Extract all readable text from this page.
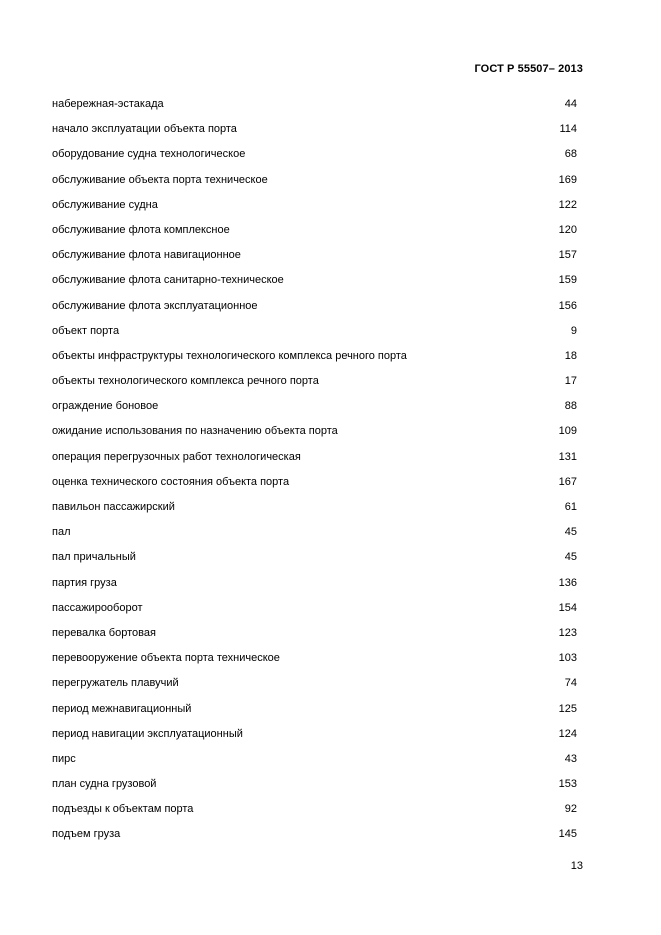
ГОСТ Р 55507– 2013
набережная-эстакада	44
начало эксплуатации объекта порта	114
оборудование судна технологическое	68
обслуживание объекта порта техническое	169
обслуживание судна	122
обслуживание флота комплексное	120
обслуживание флота навигационное	157
обслуживание флота санитарно-техническое	159
обслуживание флота эксплуатационное	156
объект порта	9
объекты инфраструктуры технологического комплекса речного порта	18
объекты технологического комплекса речного порта	17
ограждение боновое	88
ожидание использования по назначению объекта порта	109
операция перегрузочных работ технологическая	131
оценка технического состояния объекта порта	167
павильон пассажирский	61
пал	45
пал причальный	45
партия груза	136
пассажирооборот	154
перевалка бортовая	123
перевооружение объекта порта техническое	103
перегружатель плавучий	74
период межнавигационный	125
период навигации эксплуатационный	124
пирс	43
план судна грузовой	153
подъезды к объектам порта	92
подъем груза	145
13
